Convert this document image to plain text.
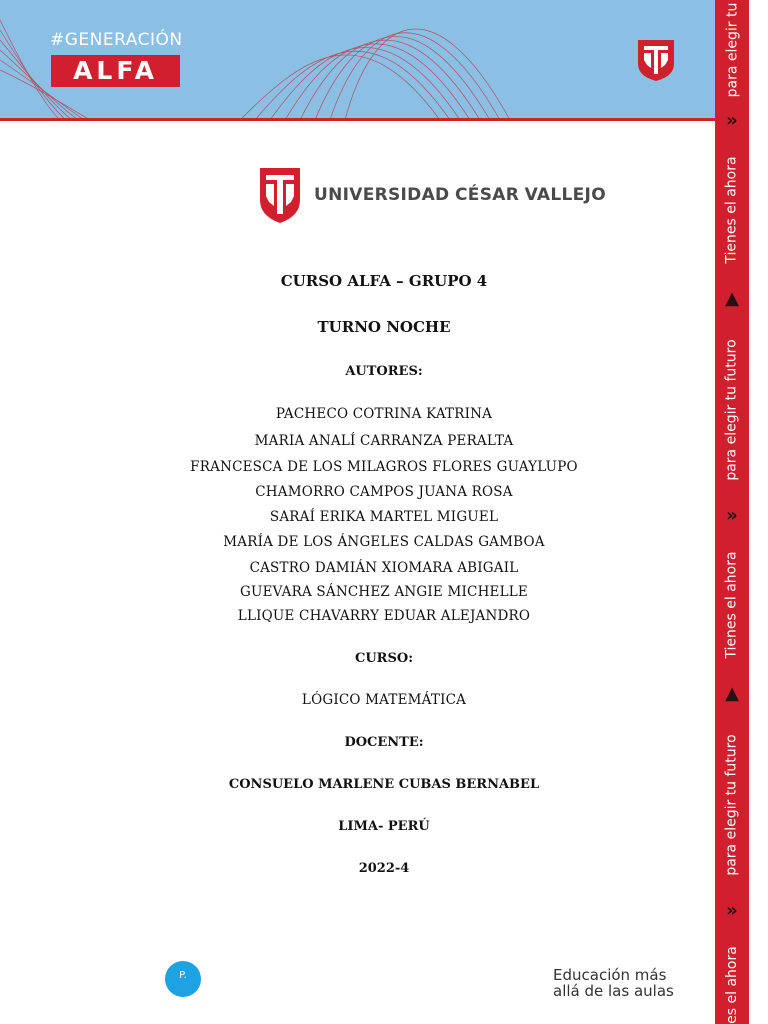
#GENERACIÓN
ALFA	para elegir tu
»
Tienes el ahora
▲
para elegir tu futuro
»
Tienes el ahora
▲
para elegir tu futuro
»
es el ahora
UNIVERSIDAD CÉSAR VALLEJO
CURSO ALFA – GRUPO 4
TURNO NOCHE
AUTORES:
PACHECO COTRINA KATRINA
MARIA ANALÍ CARRANZA PERALTA
FRANCESCA DE LOS MILAGROS FLORES GUAYLUPO
CHAMORRO CAMPOS JUANA ROSA
SARAÍ ERIKA MARTEL MIGUEL
MARÍA DE LOS ÁNGELES CALDAS GAMBOA
CASTRO DAMIÁN XIOMARA ABIGAIL
GUEVARA SÁNCHEZ ANGIE MICHELLE
LLIQUE CHAVARRY EDUAR ALEJANDRO
CURSO:
LÓGICO MATEMÁTICA
DOCENTE:
CONSUELO MARLENE CUBAS BERNABEL
LIMA- PERÚ
2022-4
P.	Educación más
allá de las aulas
